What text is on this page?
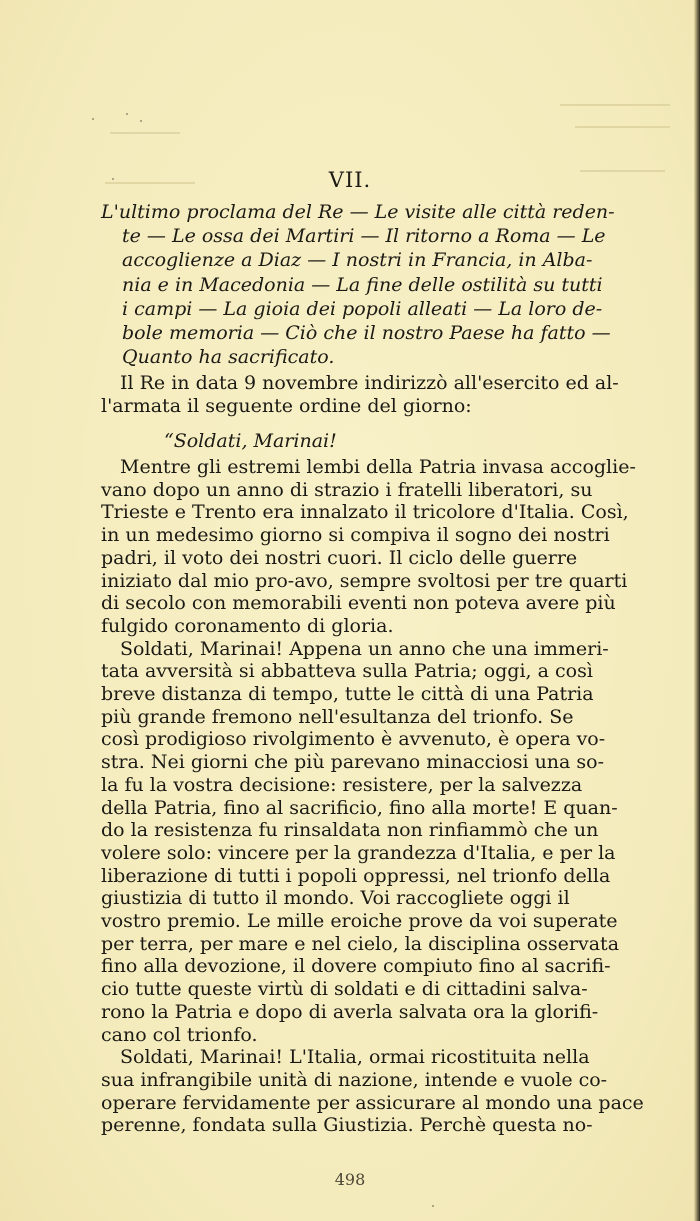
VII.
L'ultimo proclama del Re — Le visite alle città reden-
te — Le ossa dei Martiri — Il ritorno a Roma — Le
accoglienze a Diaz — I nostri in Francia, in Alba-
nia e in Macedonia — La fine delle ostilità su tutti
i campi — La gioia dei popoli alleati — La loro de-
bole memoria — Ciò che il nostro Paese ha fatto —
Quanto ha sacrificato.
Il Re in data 9 novembre indirizzò all'esercito ed al-
l'armata il seguente ordine del giorno:
“Soldati, Marinai!
Mentre gli estremi lembi della Patria invasa accoglie-
vano dopo un anno di strazio i fratelli liberatori, su
Trieste e Trento era innalzato il tricolore d'Italia. Così,
in un medesimo giorno si compiva il sogno dei nostri
padri, il voto dei nostri cuori. Il ciclo delle guerre
iniziato dal mio pro-avo, sempre svoltosi per tre quarti
di secolo con memorabili eventi non poteva avere più
fulgido coronamento di gloria.
Soldati, Marinai! Appena un anno che una immeri-
tata avversità si abbatteva sulla Patria; oggi, a così
breve distanza di tempo, tutte le città di una Patria
più grande fremono nell'esultanza del trionfo. Se
così prodigioso rivolgimento è avvenuto, è opera vo-
stra. Nei giorni che più parevano minacciosi una so-
la fu la vostra decisione: resistere, per la salvezza
della Patria, fino al sacrificio, fino alla morte! E quan-
do la resistenza fu rinsaldata non rinfiammò che un
volere solo: vincere per la grandezza d'Italia, e per la
liberazione di tutti i popoli oppressi, nel trionfo della
giustizia di tutto il mondo. Voi raccogliete oggi il
vostro premio. Le mille eroiche prove da voi superate
per terra, per mare e nel cielo, la disciplina osservata
fino alla devozione, il dovere compiuto fino al sacrifi-
cio tutte queste virtù di soldati e di cittadini salva-
rono la Patria e dopo di averla salvata ora la glorifi-
cano col trionfo.
Soldati, Marinai! L'Italia, ormai ricostituita nella
sua infrangibile unità di nazione, intende e vuole co-
operare fervidamente per assicurare al mondo una pace
perenne, fondata sulla Giustizia. Perchè questa no-
498
